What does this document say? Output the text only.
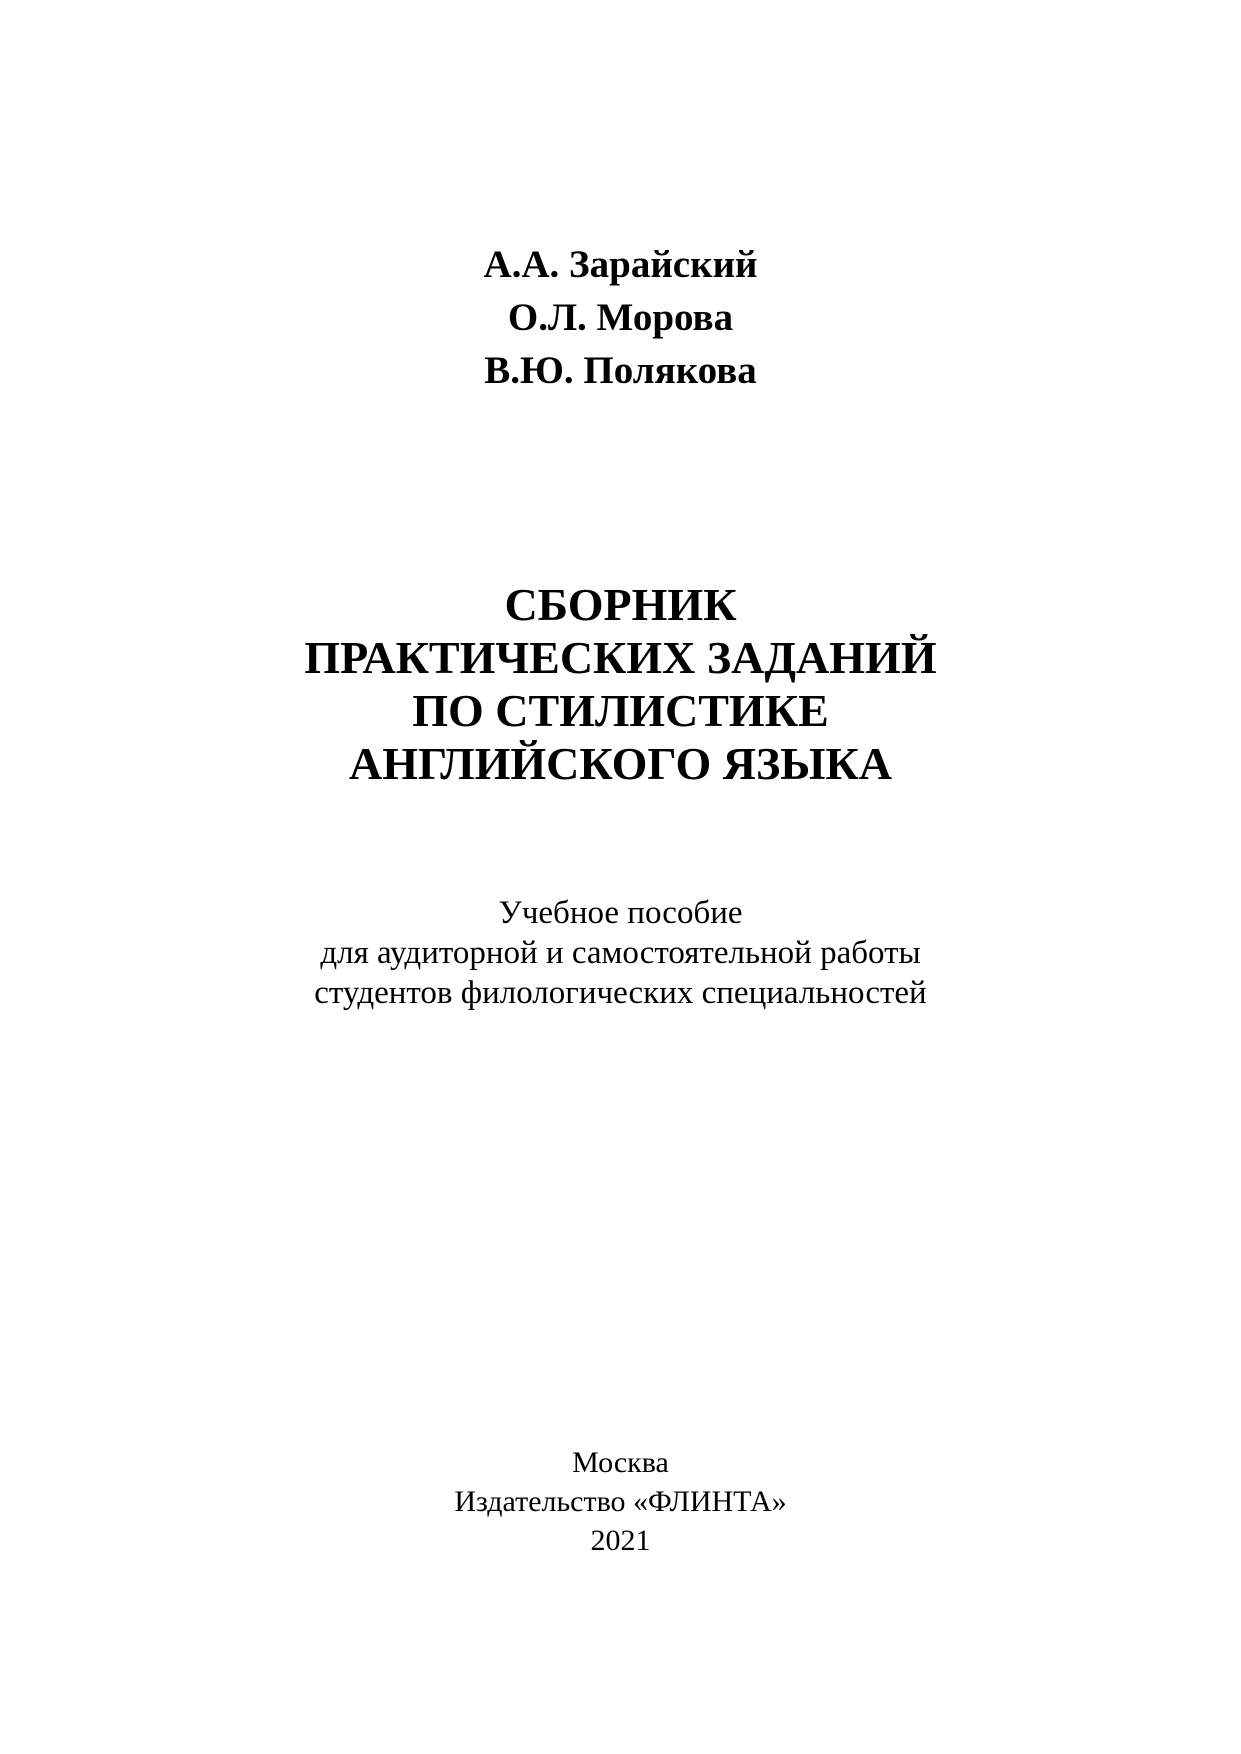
А.А. Зарайский
О.Л. Морова
В.Ю. Полякова
СБОРНИК
ПРАКТИЧЕСКИХ ЗАДАНИЙ
ПО СТИЛИСТИКЕ
АНГЛИЙСКОГО ЯЗЫКА
Учебное пособие
для аудиторной и самостоятельной работы
студентов филологических специальностей
Москва
Издательство «ФЛИНТА»
2021
